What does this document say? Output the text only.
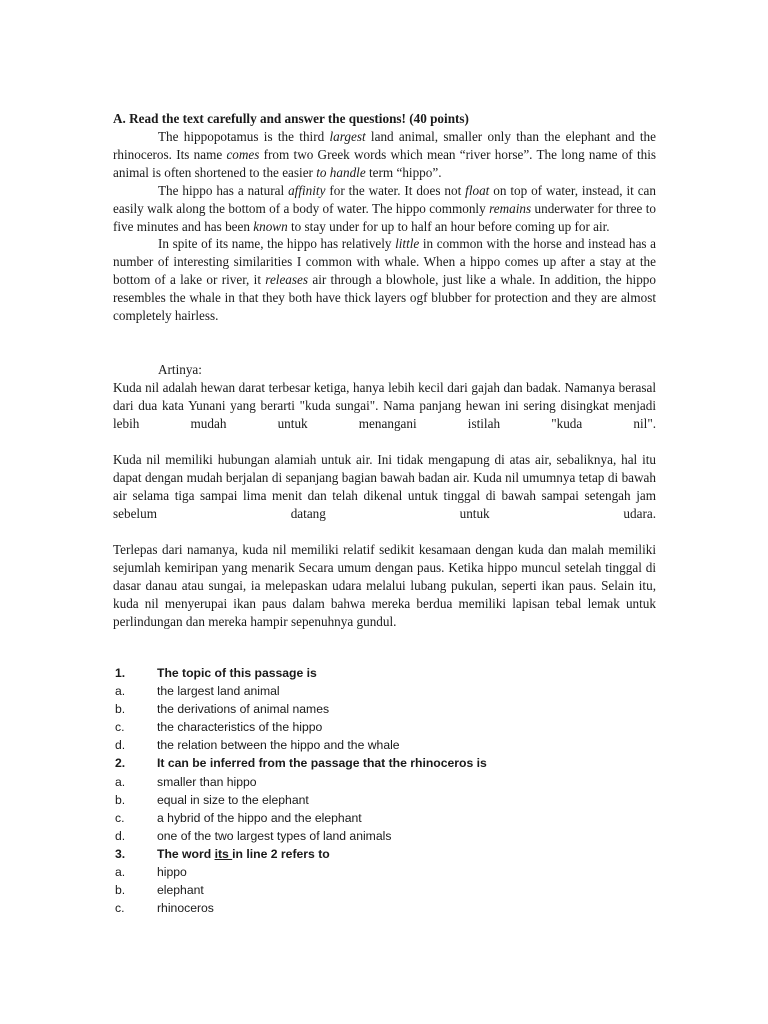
A. Read the text carefully and answer the questions! (40 points)

The hippopotamus is the third largest land animal, smaller only than the elephant and the rhinoceros. Its name comes from two Greek words which mean “river horse”. The long name of this animal is often shortened to the easier to handle term “hippo”.

The hippo has a natural affinity for the water. It does not float on top of water, instead, it can easily walk along the bottom of a body of water. The hippo commonly remains underwater for three to five minutes and has been known to stay under for up to half an hour before coming up for air.

In spite of its name, the hippo has relatively little in common with the horse and instead has a number of interesting similarities I common with whale. When a hippo comes up after a stay at the bottom of a lake or river, it releases air through a blowhole, just like a whale. In addition, the hippo resembles the whale in that they both have thick layers ogf blubber for protection and they are almost completely hairless.

Artinya:

Kuda nil adalah hewan darat terbesar ketiga, hanya lebih kecil dari gajah dan badak. Namanya berasal dari dua kata Yunani yang berarti "kuda sungai". Nama panjang hewan ini sering disingkat menjadi lebih mudah untuk menangani istilah "kuda nil".

Kuda nil memiliki hubungan alamiah untuk air. Ini tidak mengapung di atas air, sebaliknya, hal itu dapat dengan mudah berjalan di sepanjang bagian bawah badan air. Kuda nil umumnya tetap di bawah air selama tiga sampai lima menit dan telah dikenal untuk tinggal di bawah sampai setengah jam sebelum datang untuk udara.

Terlepas dari namanya, kuda nil memiliki relatif sedikit kesamaan dengan kuda dan malah memiliki sejumlah kemiripan yang menarik Secara umum dengan paus. Ketika hippo muncul setelah tinggal di dasar danau atau sungai, ia melepaskan udara melalui lubang pukulan, seperti ikan paus. Selain itu, kuda nil menyerupai ikan paus dalam bahwa mereka berdua memiliki lapisan tebal lemak untuk perlindungan dan mereka hampir sepenuhnya gundul.

1.	The topic of this passage is
a.	the largest land animal
b.	the derivations of animal names
c.	the characteristics of the hippo
d.	the relation between the hippo and the whale
2.	It can be inferred from the passage that the rhinoceros is
a.	smaller than hippo
b.	equal in size to the elephant
c.	a hybrid of the hippo and the elephant
d.	one of the two largest types of land animals
3.	The word its in line 2 refers to
a.	hippo
b.	elephant
c.	rhinoceros
